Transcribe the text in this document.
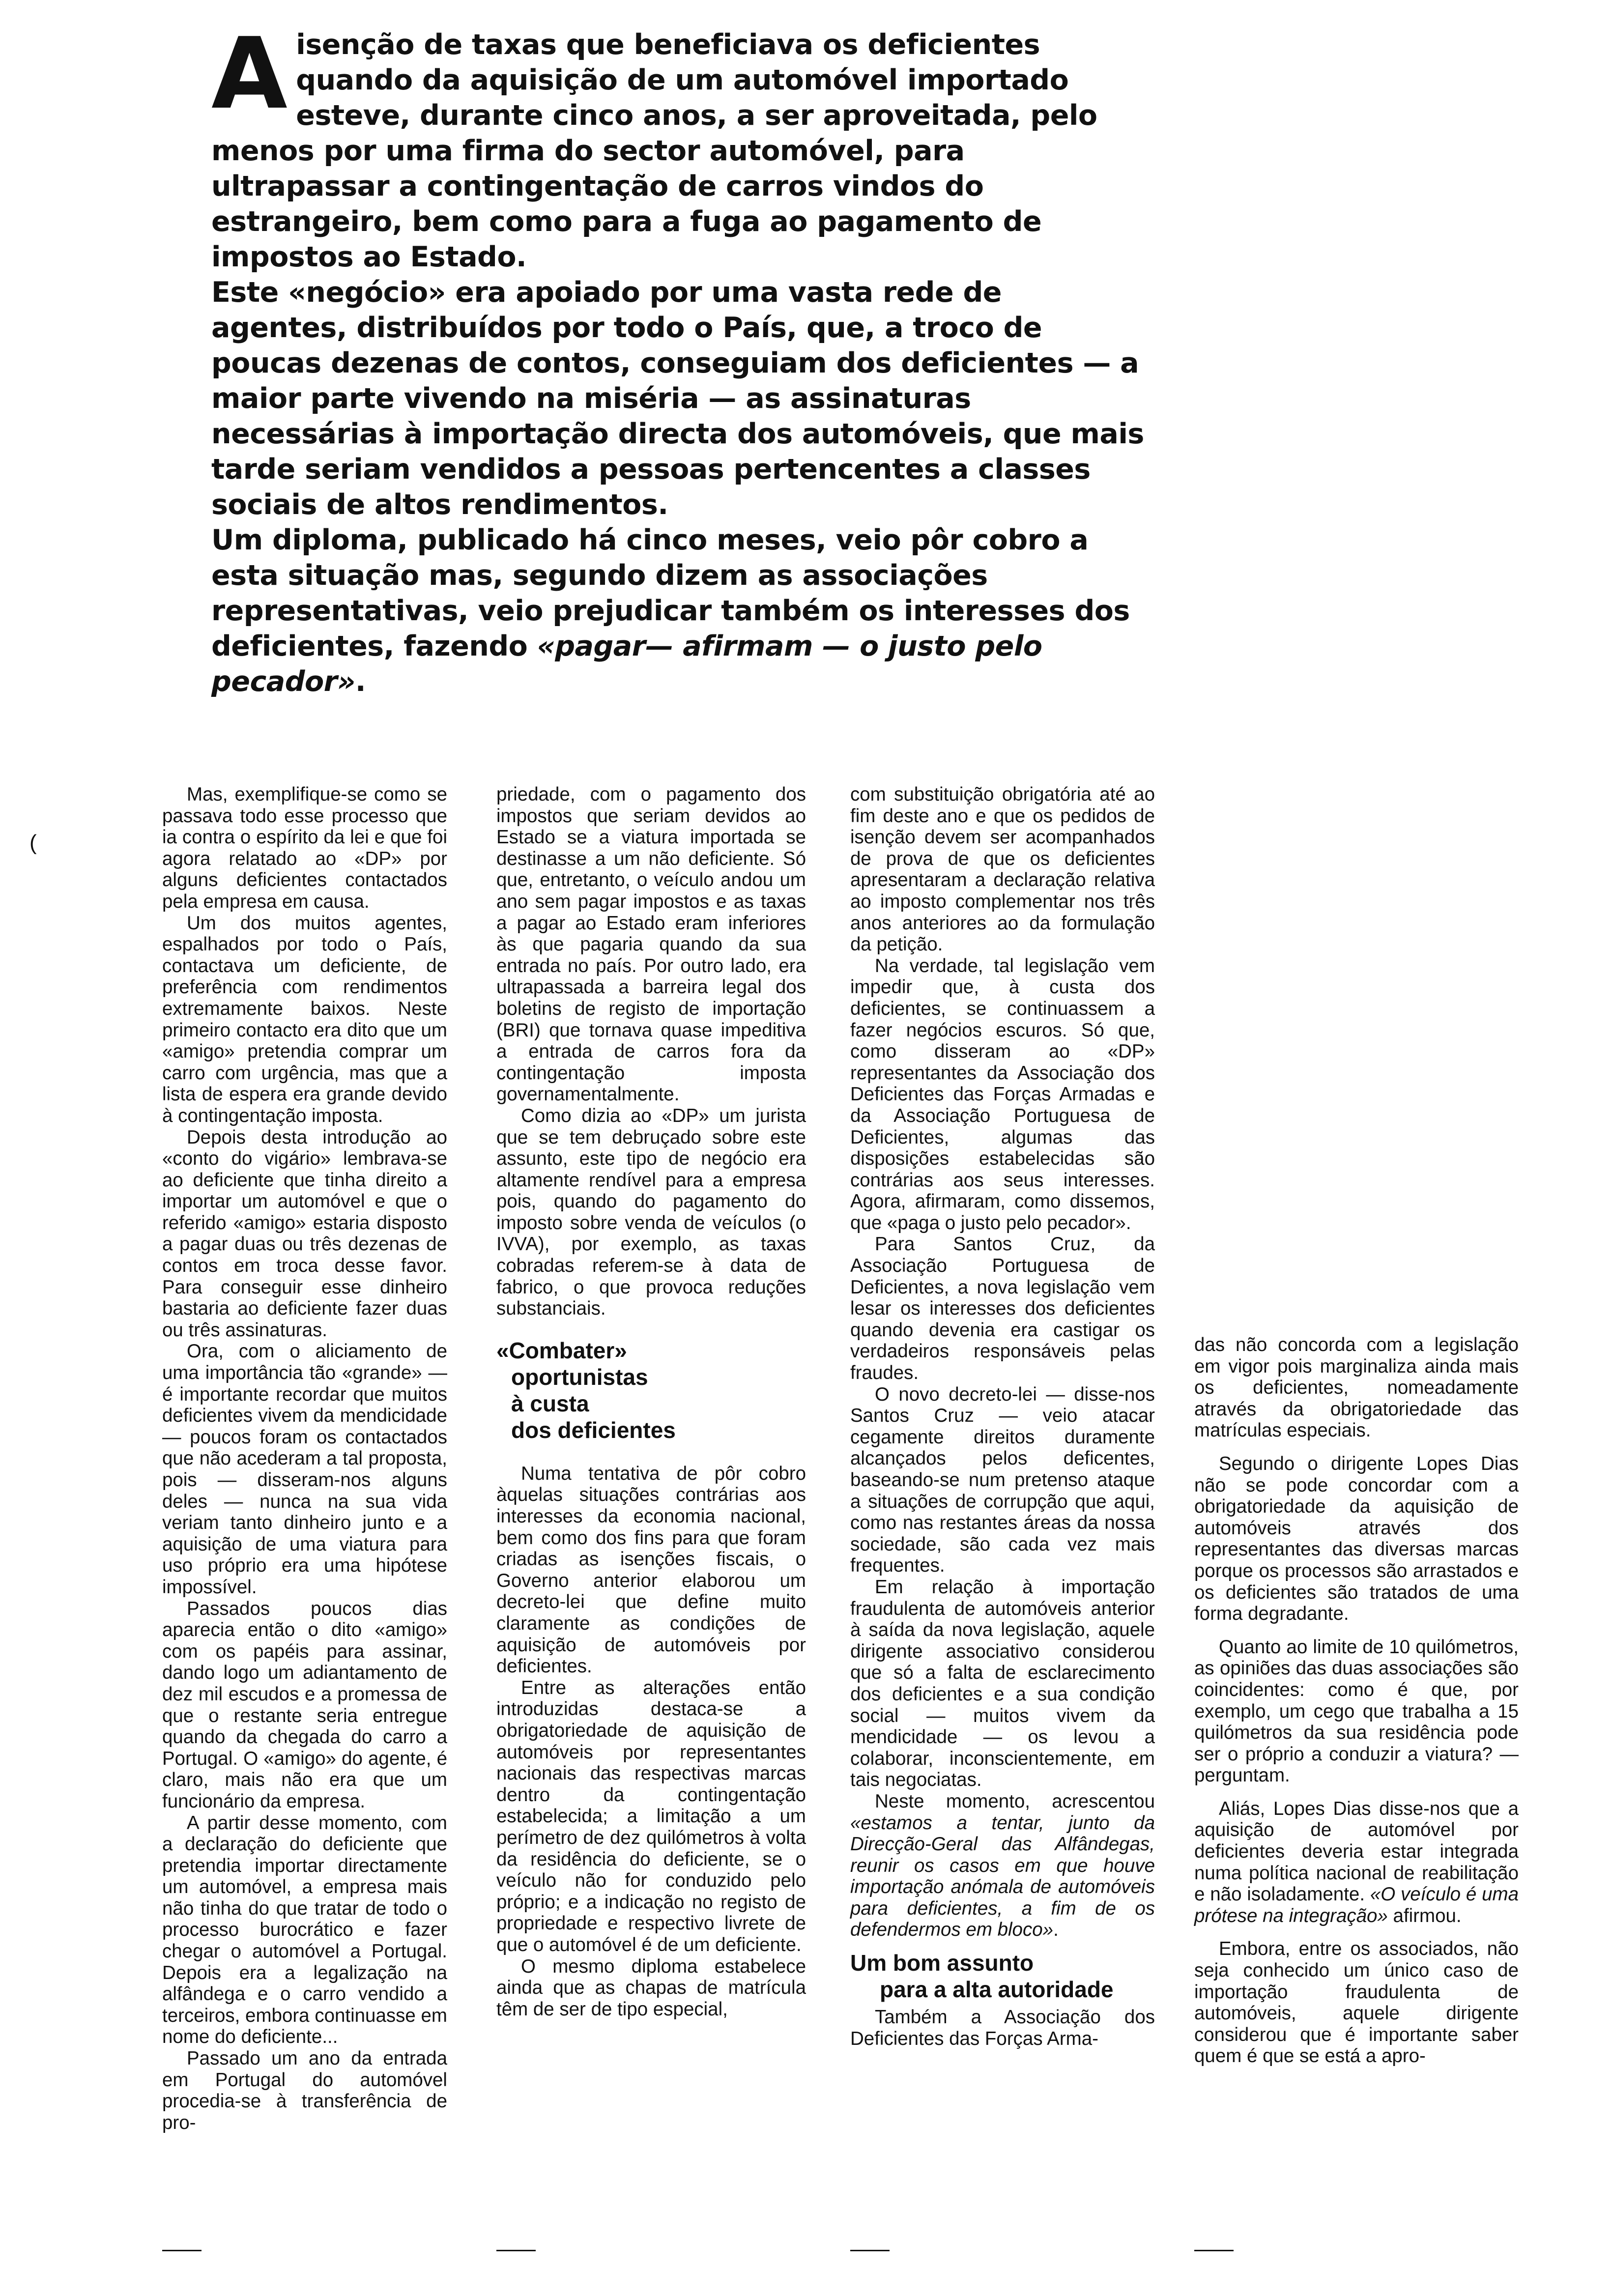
Aisenção de taxas que beneficiava os deficientes quando da aquisição de um automóvel importado esteve, durante cinco anos, a ser aproveitada, pelo menos por uma firma do sector automóvel, para ultrapassar a contingentação de carros vindos do estrangeiro, bem como para a fuga ao pagamento de impostos ao Estado.

Este «negócio» era apoiado por uma vasta rede de agentes, distribuídos por todo o País, que, a troco de poucas dezenas de contos, conseguiam dos deficientes — a maior parte vivendo na miséria — as assinaturas necessárias à importação directa dos automóveis, que mais tarde seriam vendidos a pessoas pertencentes a classes sociais de altos rendimentos.

Um diploma, publicado há cinco meses, veio pôr cobro a esta situação mas, segundo dizem as associações representativas, veio prejudicar também os interesses dos deficientes, fazendo «pagar— afirmam — o justo pelo pecador».

(

Mas, exemplifique-se como se passava todo esse processo que ia contra o espírito da lei e que foi agora relatado ao «DP» por alguns deficientes contactados pela empresa em causa.

Um dos muitos agentes, espalhados por todo o País, contactava um deficiente, de preferência com rendimentos extremamente baixos. Neste primeiro contacto era dito que um «amigo» pretendia comprar um carro com urgência, mas que a lista de espera era grande devido à contingentação imposta.

Depois desta introdução ao «conto do vigário» lembrava-se ao deficiente que tinha direito a importar um automóvel e que o referido «amigo» estaria disposto a pagar duas ou três dezenas de contos em troca desse favor. Para conseguir esse dinheiro bastaria ao deficiente fazer duas ou três assinaturas.

Ora, com o aliciamento de uma importância tão «grande» — é importante recordar que muitos deficientes vivem da mendicidade — poucos foram os contactados que não acederam a tal proposta, pois — disseram-nos alguns deles — nunca na sua vida veriam tanto dinheiro junto e a aquisição de uma viatura para uso próprio era uma hipótese impossível.

Passados poucos dias aparecia então o dito «amigo» com os papéis para assinar, dando logo um adiantamento de dez mil escudos e a promessa de que o restante seria entregue quando da chegada do carro a Portugal. O «amigo» do agente, é claro, mais não era que um funcionário da empresa.

A partir desse momento, com a declaração do deficiente que pretendia importar directamente um automóvel, a empresa mais não tinha do que tratar de todo o processo burocrático e fazer chegar o automóvel a Portugal. Depois era a legalização na alfândega e o carro vendido a terceiros, embora continuasse em nome do deficiente...

Passado um ano da entrada em Portugal do automóvel procedia-se à transferência de pro-

priedade, com o pagamento dos impostos que seriam devidos ao Estado se a viatura importada se destinasse a um não deficiente. Só que, entretanto, o veículo andou um ano sem pagar impostos e as taxas a pagar ao Estado eram inferiores às que pagaria quando da sua entrada no país. Por outro lado, era ultrapassada a barreira legal dos boletins de registo de importação (BRI) que tornava quase impeditiva a entrada de carros fora da contingentação imposta governamentalmente.

Como dizia ao «DP» um jurista que se tem debruçado sobre este assunto, este tipo de negócio era altamente rendível para a empresa pois, quando do pagamento do imposto sobre venda de veículos (o IVVA), por exemplo, as taxas cobradas referem-se à data de fabrico, o que provoca reduções substanciais.

«Combater»
oportunistas
à custa
dos deficientes

Numa tentativa de pôr cobro àquelas situações contrárias aos interesses da economia nacional, bem como dos fins para que foram criadas as isenções fiscais, o Governo anterior elaborou um decreto-lei que define muito claramente as condições de aquisição de automóveis por deficientes.

Entre as alterações então introduzidas destaca-se a obrigatoriedade de aquisição de automóveis por representantes nacionais das respectivas marcas dentro da contingentação estabelecida; a limitação a um perímetro de dez quilómetros à volta da residência do deficiente, se o veículo não for conduzido pelo próprio; e a indicação no registo de propriedade e respectivo livrete de que o automóvel é de um deficiente.

O mesmo diploma estabelece ainda que as chapas de matrícula têm de ser de tipo especial,

com substituição obrigatória até ao fim deste ano e que os pedidos de isenção devem ser acompanhados de prova de que os deficientes apresentaram a declaração relativa ao imposto complementar nos três anos anteriores ao da formulação da petição.

Na verdade, tal legislação vem impedir que, à custa dos deficientes, se continuassem a fazer negócios escuros. Só que, como disseram ao «DP» representantes da Associação dos Deficientes das Forças Armadas e da Associação Portuguesa de Deficientes, algumas das disposições estabelecidas são contrárias aos seus interesses. Agora, afirmaram, como dissemos, que «paga o justo pelo pecador».

Para Santos Cruz, da Associação Portuguesa de Deficientes, a nova legislação vem lesar os interesses dos deficientes quando devenia era castigar os verdadeiros responsáveis pelas fraudes.

O novo decreto-lei — disse-nos Santos Cruz — veio atacar cegamente direitos duramente alcançados pelos deficentes, baseando-se num pretenso ataque a situações de corrupção que aqui, como nas restantes áreas da nossa sociedade, são cada vez mais frequentes.

Em relação à importação fraudulenta de automóveis anterior à saída da nova legislação, aquele dirigente associativo considerou que só a falta de esclarecimento dos deficientes e a sua condição social — muitos vivem da mendicidade — os levou a colaborar, inconscientemente, em tais negociatas.

Neste momento, acrescentou «estamos a tentar, junto da Direcção-Geral das Alfândegas, reunir os casos em que houve importação anómala de automóveis para deficientes, a fim de os defendermos em bloco».

Um bom assunto
para a alta autoridade

Também a Associação dos Deficientes das Forças Arma-

das não concorda com a legislação em vigor pois marginaliza ainda mais os deficientes, nomeadamente através da obrigatoriedade das matrículas especiais.

Segundo o dirigente Lopes Dias não se pode concordar com a obrigatoriedade da aquisição de automóveis através dos representantes das diversas marcas porque os processos são arrastados e os deficientes são tratados de uma forma degradante.

Quanto ao limite de 10 quilómetros, as opiniões das duas associações são coincidentes: como é que, por exemplo, um cego que trabalha a 15 quilómetros da sua residência pode ser o próprio a conduzir a viatura? — perguntam.

Aliás, Lopes Dias disse-nos que a aquisição de automóvel por deficientes deveria estar integrada numa política nacional de reabilitação e não isoladamente. «O veículo é uma prótese na integração» afirmou.

Embora, entre os associados, não seja conhecido um único caso de importação fraudulenta de automóveis, aquele dirigente considerou que é importante saber quem é que se está a apro-
